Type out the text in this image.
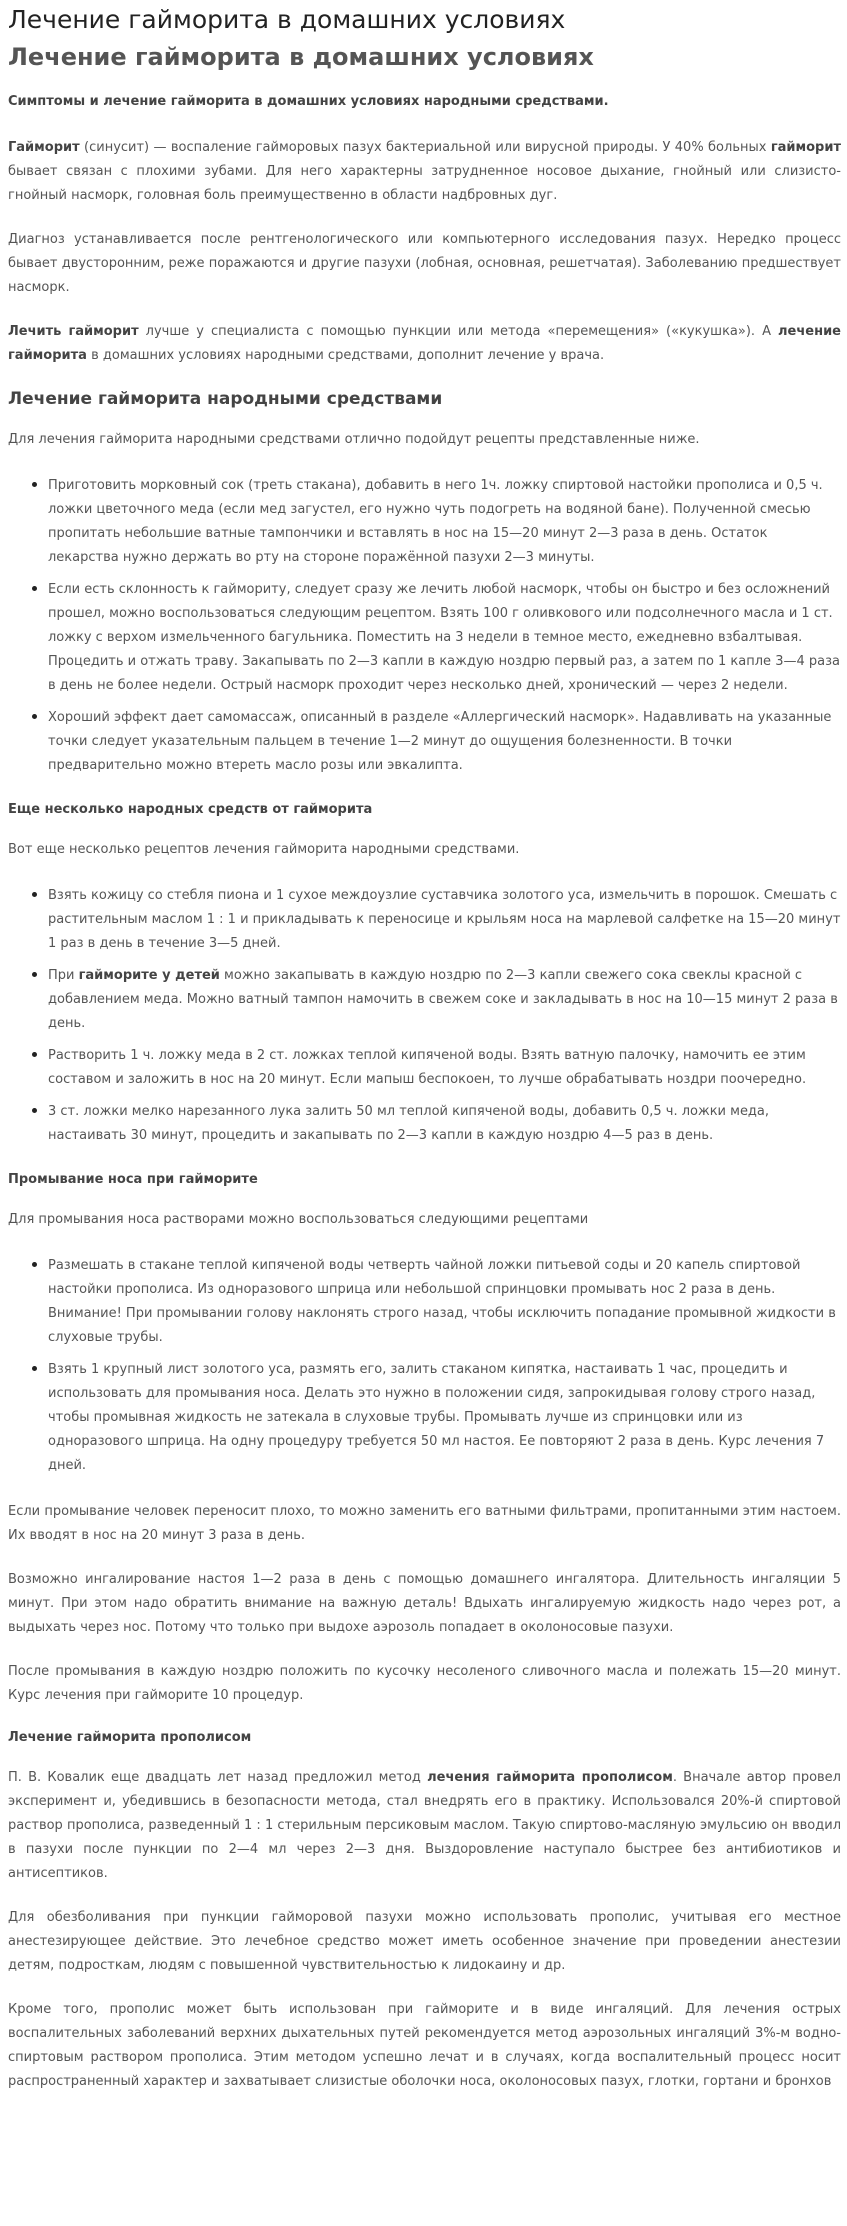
Лечение гайморита в домашних условиях
Лечение гайморита в домашних условиях

Симптомы и лечение гайморита в домашних условиях народными средствами.

Гайморит (синусит) — воспаление гайморовых пазух бактериальной или вирусной природы. У 40% больных гайморит бывает связан с плохими зубами. Для него характерны затрудненное носовое дыхание, гнойный или слизисто-гнойный насморк, головная боль преимущественно в области надбровных дуг.

Диагноз устанавливается после рентгенологического или компьютерного исследования пазух. Нередко процесс бывает двусторонним, реже поражаются и другие пазухи (лобная, основная, решетчатая). Заболеванию предшествует насморк.

Лечить гайморит лучше у специалиста с помощью пункции или метода «перемещения» («кукушка»). А лечение гайморита в домашних условиях народными средствами, дополнит лечение у врача.

Лечение гайморита народными средствами

Для лечения гайморита народными средствами отлично подойдут рецепты представленные ниже.

• Приготовить морковный сок (треть стакана), добавить в него 1ч. ложку спиртовой настойки прополиса и 0,5 ч. ложки цветочного меда (если мед загустел, его нужно чуть подогреть на водяной бане). Полученной смесью пропитать небольшие ватные тампончики и вставлять в нос на 15—20 минут 2—3 раза в день. Остаток лекарства нужно держать во рту на стороне поражённой пазухи 2—3 минуты.
• Если есть склонность к гаймориту, следует сразу же лечить любой насморк, чтобы он быстро и без осложнений прошел, можно воспользоваться следующим рецептом. Взять 100 г оливкового или подсолнечного масла и 1 ст. ложку с верхом измельченного багульника. Поместить на 3 недели в темное место, ежедневно взбалтывая. Процедить и отжать траву. Закапывать по 2—3 капли в каждую ноздрю первый раз, а затем по 1 капле 3—4 раза в день не более недели. Острый насморк проходит через несколько дней, хронический — через 2 недели.
• Хороший эффект дает самомассаж, описанный в разделе «Аллергический насморк». Надавливать на указанные точки следует указательным пальцем в течение 1—2 минут до ощущения болезненности. В точки предварительно можно втереть масло розы или эвкалипта.
Еще несколько народных средств от гайморита

Вот еще несколько рецептов лечения гайморита народными средствами.

• Взять кожицу со стебля пиона и 1 сухое междоузлие суставчика золотого уса, измельчить в порошок. Смешать с растительным маслом 1 : 1 и прикладывать к переносице и крыльям носа на марлевой салфетке на 15—20 минут 1 раз в день в течение 3—5 дней.
• При гайморите у детей можно закапывать в каждую ноздрю по 2—3 капли свежего сока свеклы красной с добавлением меда. Можно ватный тампон намочить в свежем соке и закладывать в нос на 10—15 минут 2 раза в день.
• Растворить 1 ч. ложку меда в 2 ст. ложках теплой кипяченой воды. Взять ватную палочку, намочить ее этим составом и заложить в нос на 20 минут. Если мапыш беспокоен, то лучше обрабатывать ноздри поочередно.
• 3 ст. ложки мелко нарезанного лука залить 50 мл теплой кипяченой воды, добавить 0,5 ч. ложки меда, настаивать 30 минут, процедить и закапывать по 2—3 капли в каждую ноздрю 4—5 раз в день.
Промывание носа при гайморите

Для промывания носа растворами можно воспользоваться следующими рецептами

• Размешать в стакане теплой кипяченой воды четверть чайной ложки питьевой соды и 20 капель спиртовой настойки прополиса. Из одноразового шприца или небольшой спринцовки промывать нос 2 раза в день. Внимание! При промывании голову наклонять строго назад, чтобы исключить попадание промывной жидкости в слуховые трубы.
• Взять 1 крупный лист золотого уса, размять его, залить стаканом кипятка, настаивать 1 час, процедить и использовать для промывания носа. Делать это нужно в положении сидя, запрокидывая голову строго назад, чтобы промывная жидкость не затекала в слуховые трубы. Промывать лучше из спринцовки или из одноразового шприца. На одну процедуру требуется 50 мл настоя. Ее повторяют 2 раза в день. Курс лечения 7 дней.

Если промывание человек переносит плохо, то можно заменить его ватными фильтрами, пропитанными этим настоем. Их вводят в нос на 20 минут 3 раза в день.

Возможно ингалирование настоя 1—2 раза в день с помощью домашнего ингалятора. Длительность ингаляции 5 минут. При этом надо обратить внимание на важную деталь! Вдыхать ингалируемую жидкость надо через рот, а выдыхать через нос. Потому что только при выдохе аэрозоль попадает в околоносовые пазухи.

После промывания в каждую ноздрю положить по кусочку несоленого сливочного масла и полежать 15—20 минут. Курс лечения при гайморите 10 процедур.

Лечение гайморита прополисом

П. В. Ковалик еще двадцать лет назад предложил метод лечения гайморита прополисом. Вначале автор провел эксперимент и, убедившись в безопасности метода, стал внедрять его в практику. Использовался 20%-й спиртовой раствор прополиса, разведенный 1 : 1 стерильным персиковым маслом. Такую спиртово-масляную эмульсию он вводил в пазухи после пункции по 2—4 мл через 2—3 дня. Выздоровление наступало быстрее без антибиотиков и антисептиков.

Для обезболивания при пункции гайморовой пазухи можно использовать прополис, учитывая его местное анестезирующее действие. Это лечебное средство может иметь особенное значение при проведении анестезии детям, подросткам, людям с повышенной чувствительностью к лидокаину и др.

Кроме того, прополис может быть использован при гайморите и в виде ингаляций. Для лечения острых воспалительных заболеваний верхних дыхательных путей рекомендуется метод аэрозольных ингаляций 3%-м водно-спиртовым раствором прополиса. Этим методом успешно лечат и в случаях, когда воспалительный процесс носит распространенный характер и захватывает слизистые оболочки носа, околоносовых пазух, глотки, гортани и бронхов
